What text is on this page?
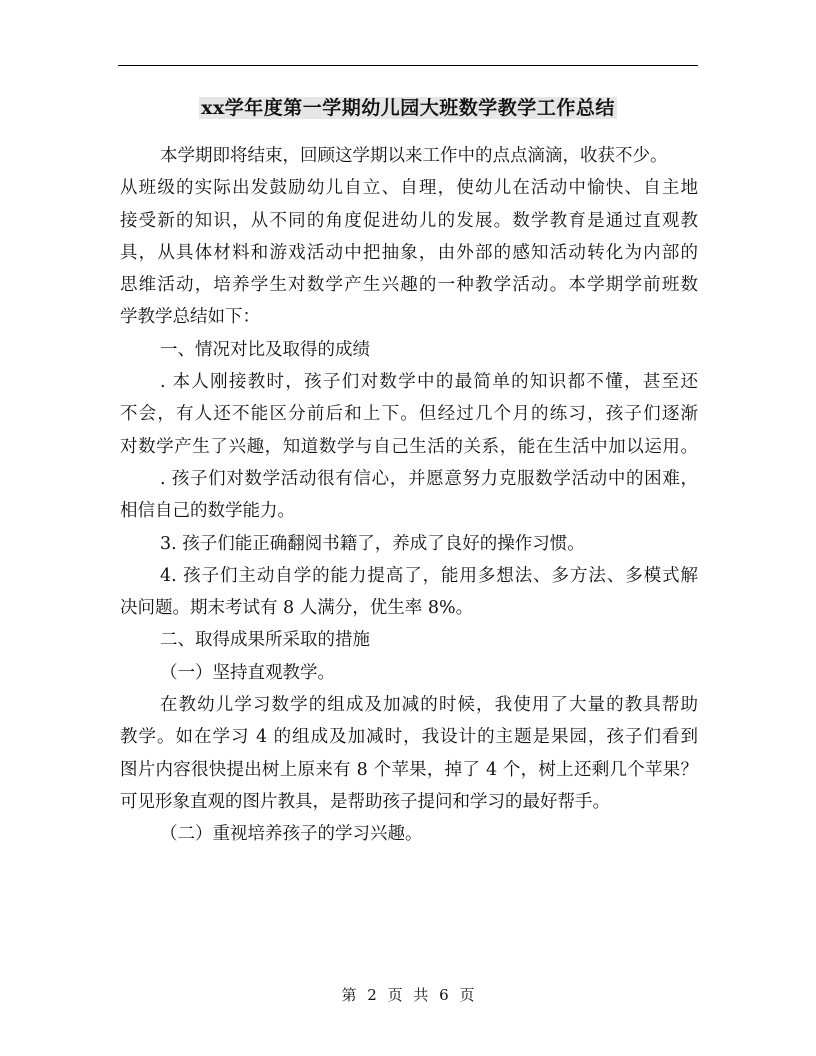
xx学年度第一学期幼儿园大班数学教学工作总结
本学期即将结束，回顾这学期以来工作中的点点滴滴，收获不少。
从班级的实际出发鼓励幼儿自立、自理，使幼儿在活动中愉快、自主地
接受新的知识，从不同的角度促进幼儿的发展。数学教育是通过直观教
具，从具体材料和游戏活动中把抽象，由外部的感知活动转化为内部的
思维活动，培养学生对数学产生兴趣的一种教学活动。本学期学前班数
学教学总结如下：
一、情况对比及取得的成绩
. 本人刚接教时，孩子们对数学中的最简单的知识都不懂，甚至还
不会，有人还不能区分前后和上下。但经过几个月的练习，孩子们逐渐
对数学产生了兴趣，知道数学与自己生活的关系，能在生活中加以运用。
. 孩子们对数学活动很有信心，并愿意努力克服数学活动中的困难，
相信自己的数学能力。
3. 孩子们能正确翻阅书籍了，养成了良好的操作习惯。
4. 孩子们主动自学的能力提高了，能用多想法、多方法、多模式解
决问题。期末考试有 8 人满分，优生率 8%。
二、取得成果所采取的措施
（一）坚持直观教学。
在教幼儿学习数学的组成及加减的时候，我使用了大量的教具帮助
教学。如在学习 4 的组成及加减时，我设计的主题是果园，孩子们看到
图片内容很快提出树上原来有 8 个苹果，掉了 4 个，树上还剩几个苹果？
可见形象直观的图片教具，是帮助孩子提问和学习的最好帮手。
（二）重视培养孩子的学习兴趣。
第 2 页 共 6 页
